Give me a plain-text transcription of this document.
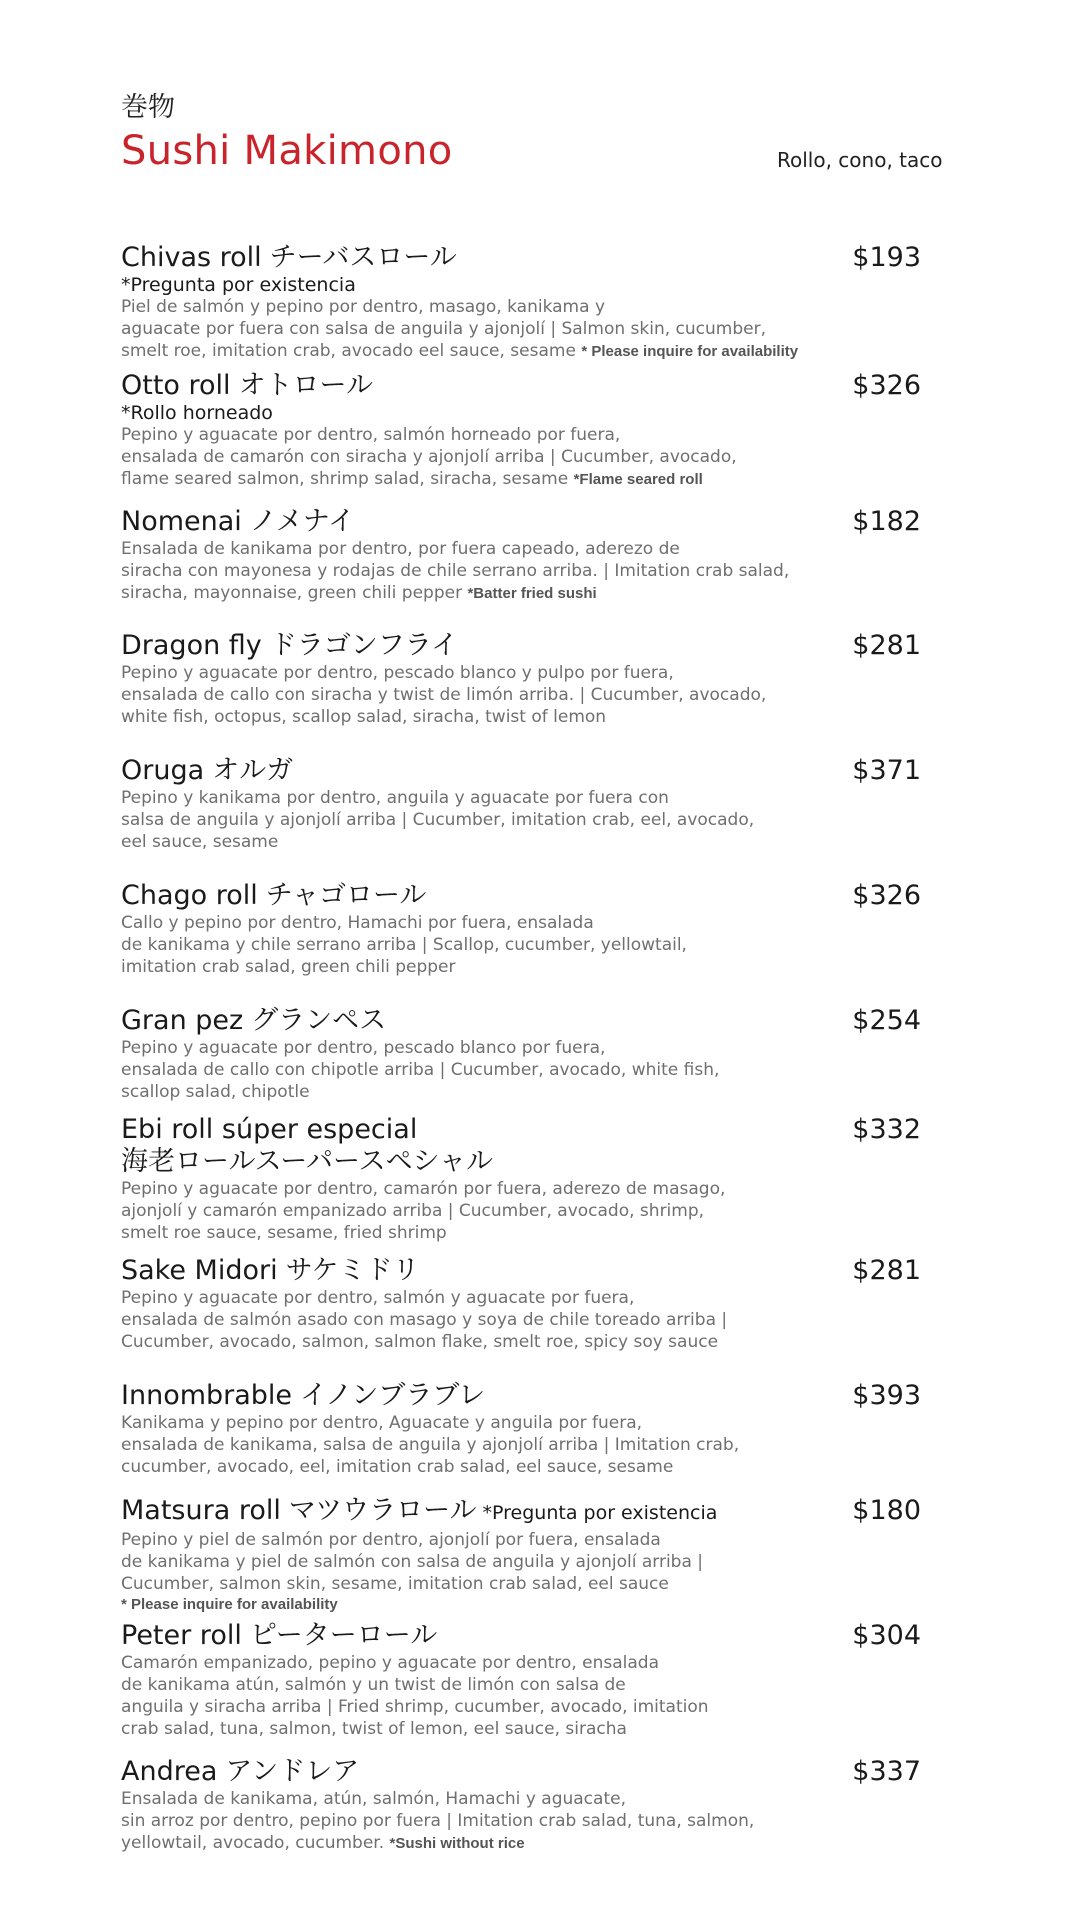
巻物
Sushi Makimono	Rollo, cono, taco
Chivas roll チーバスロール	$193
*Pregunta por existencia
Piel de salmón y pepino por dentro, masago, kanikama y
aguacate por fuera con salsa de anguila y ajonjolí | Salmon skin, cucumber,
smelt roe, imitation crab, avocado eel sauce, sesame * Please inquire for availability
Otto roll オトロール	$326
*Rollo horneado
Pepino y aguacate por dentro, salmón horneado por fuera,
ensalada de camarón con siracha y ajonjolí arriba | Cucumber, avocado,
flame seared salmon, shrimp salad, siracha, sesame *Flame seared roll
Nomenai ノメナイ	$182
Ensalada de kanikama por dentro, por fuera capeado, aderezo de
siracha con mayonesa y rodajas de chile serrano arriba. | Imitation crab salad,
siracha, mayonnaise, green chili pepper *Batter fried sushi
Dragon fly ドラゴンフライ	$281
Pepino y aguacate por dentro, pescado blanco y pulpo por fuera,
ensalada de callo con siracha y twist de limón arriba. | Cucumber, avocado,
white fish, octopus, scallop salad, siracha, twist of lemon
Oruga オルガ	$371
Pepino y kanikama por dentro, anguila y aguacate por fuera con
salsa de anguila y ajonjolí arriba | Cucumber, imitation crab, eel, avocado,
eel sauce, sesame
Chago roll チャゴロール	$326
Callo y pepino por dentro, Hamachi por fuera, ensalada
de kanikama y chile serrano arriba | Scallop, cucumber, yellowtail,
imitation crab salad, green chili pepper
Gran pez グランペス	$254
Pepino y aguacate por dentro, pescado blanco por fuera,
ensalada de callo con chipotle arriba | Cucumber, avocado, white fish,
scallop salad, chipotle
Ebi roll súper especial	$332
海老ロールスーパースペシャル
Pepino y aguacate por dentro, camarón por fuera, aderezo de masago,
ajonjolí y camarón empanizado arriba | Cucumber, avocado, shrimp,
smelt roe sauce, sesame, fried shrimp
Sake Midori サケミドリ	$281
Pepino y aguacate por dentro, salmón y aguacate por fuera,
ensalada de salmón asado con masago y soya de chile toreado arriba |
Cucumber, avocado, salmon, salmon flake, smelt roe, spicy soy sauce
Innombrable イノンブラブレ	$393
Kanikama y pepino por dentro, Aguacate y anguila por fuera,
ensalada de kanikama, salsa de anguila y ajonjolí arriba | Imitation crab,
cucumber, avocado, eel, imitation crab salad, eel sauce, sesame
Matsura roll マツウラロール *Pregunta por existencia	$180
Pepino y piel de salmón por dentro, ajonjolí por fuera, ensalada
de kanikama y piel de salmón con salsa de anguila y ajonjolí arriba |
Cucumber, salmon skin, sesame, imitation crab salad, eel sauce
* Please inquire for availability
Peter roll ピーターロール	$304
Camarón empanizado, pepino y aguacate por dentro, ensalada
de kanikama atún, salmón y un twist de limón con salsa de
anguila y siracha arriba | Fried shrimp, cucumber, avocado, imitation
crab salad, tuna, salmon, twist of lemon, eel sauce, siracha
Andrea アンドレア	$337
Ensalada de kanikama, atún, salmón, Hamachi y aguacate,
sin arroz por dentro, pepino por fuera | Imitation crab salad, tuna, salmon,
yellowtail, avocado, cucumber. *Sushi without rice
